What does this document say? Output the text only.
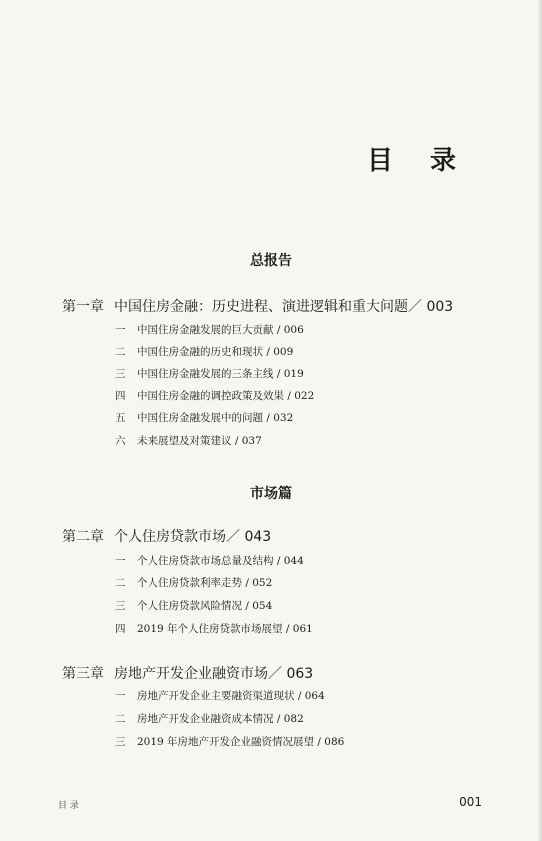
目 录
总报告
第一章 中国住房金融：历史进程、演进逻辑和重大问题／ 003
一 中国住房金融发展的巨大贡献 / 006
二 中国住房金融的历史和现状 / 009
三 中国住房金融发展的三条主线 / 019
四 中国住房金融的调控政策及效果 / 022
五 中国住房金融发展中的问题 / 032
六 未来展望及对策建议 / 037
市场篇
第二章 个人住房贷款市场／ 043
一 个人住房贷款市场总量及结构 / 044
二 个人住房贷款利率走势 / 052
三 个人住房贷款风险情况 / 054
四 2019 年个人住房贷款市场展望 / 061
第三章 房地产开发企业融资市场／ 063
一 房地产开发企业主要融资渠道现状 / 064
二 房地产开发企业融资成本情况 / 082
三 2019 年房地产开发企业融资情况展望 / 086
目 录	001
